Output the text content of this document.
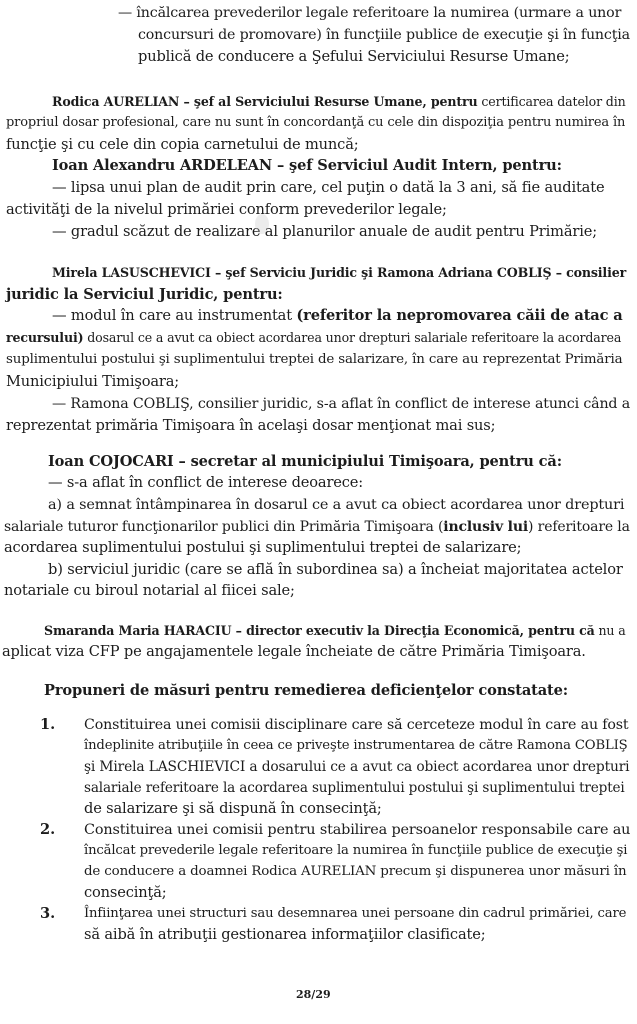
— încălcarea prevederilor legale referitoare la numirea (urmare a unor
concursuri de promovare) în funcţiile publice de execuţie şi în funcţia
publică de conducere a Şefului Serviciului Resurse Umane;
Rodica AURELIAN – şef al Serviciului Resurse Umane, pentru certificarea datelor din
propriul dosar profesional, care nu sunt în concordanţă cu cele din dispoziţia pentru numirea în
funcţie şi cu cele din copia carnetului de muncă;
Ioan Alexandru ARDELEAN – şef Serviciul Audit Intern, pentru:
— lipsa unui plan de audit prin care, cel puţin o dată la 3 ani, să fie auditate
activităţi de la nivelul primăriei conform prevederilor legale;
— gradul scăzut de realizare al planurilor anuale de audit pentru Primărie;
Mirela LASUSCHEVICI – şef Serviciu Juridic şi Ramona Adriana COBLIŞ – consilier
juridic la Serviciul Juridic, pentru:
— modul în care au instrumentat (referitor la nepromovarea căii de atac a
recursului) dosarul ce a avut ca obiect acordarea unor drepturi salariale referitoare la acordarea
suplimentului postului şi suplimentului treptei de salarizare, în care au reprezentat Primăria
Municipiului Timişoara;
— Ramona COBLIŞ, consilier juridic, s-a aflat în conflict de interese atunci când a
reprezentat primăria Timişoara în acelaşi dosar menţionat mai sus;
Ioan COJOCARI – secretar al municipiului Timişoara, pentru că:
— s-a aflat în conflict de interese deoarece:
a) a semnat întâmpinarea în dosarul ce a avut ca obiect acordarea unor drepturi
salariale tuturor funcţionarilor publici din Primăria Timişoara (inclusiv lui) referitoare la
acordarea suplimentului postului şi suplimentului treptei de salarizare;
b) serviciul juridic (care se află în subordinea sa) a încheiat majoritatea actelor
notariale cu biroul notarial al fiicei sale;
Smaranda Maria HARACIU – director executiv la Direcţia Economică, pentru că nu a
aplicat viza CFP pe angajamentele legale încheiate de către Primăria Timişoara.
Propuneri de măsuri pentru remedierea deficienţelor constatate:
1. Constituirea unei comisii disciplinare care să cerceteze modul în care au fost
îndeplinite atribuţiile în ceea ce priveşte instrumentarea de către Ramona COBLIŞ
şi Mirela LASCHIEVICI a dosarului ce a avut ca obiect acordarea unor drepturi
salariale referitoare la acordarea suplimentului postului şi suplimentului treptei
de salarizare şi să dispună în consecinţă;
2. Constituirea unei comisii pentru stabilirea persoanelor responsabile care au
încălcat prevederile legale referitoare la numirea în funcţiile publice de execuţie şi
de conducere a doamnei Rodica AURELIAN precum şi dispunerea unor măsuri în
consecinţă;
3. Înfiinţarea unei structuri sau desemnarea unei persoane din cadrul primăriei, care
să aibă în atribuţii gestionarea informaţiilor clasificate;
28/29
